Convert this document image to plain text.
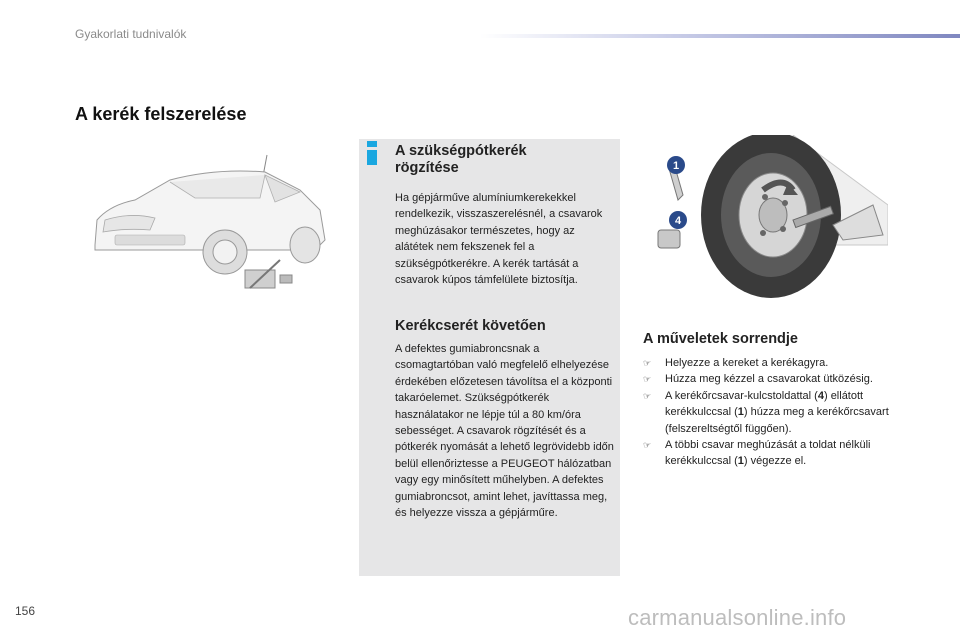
Gyakorlati tudnivalók
A kerék felszerelése

A szükségpótkerék

rögzítése

Ha gépjárműve alumíniumkerekekkel rendelkezik, visszaszerelésnél, a csavarok meghúzásakor természetes, hogy az alátétek nem fekszenek fel a szükségpótkerékre. A kerék tartását a csavarok kúpos támfelülete biztosítja.

Kerékcserét követően

A defektes gumiabroncsnak a csomagtartóban való megfelelő elhelyezése érdekében előzetesen távolítsa el a központi takaróelemet. Szükségpótkerék használatakor ne lépje túl a 80 km/óra sebességet. A csavarok rögzítését és a pótkerék nyomását a lehető legrövidebb időn belül ellenőriztesse a PEUGEOT hálózatban vagy egy minősített műhelyben. A defektes gumiabroncsot, amint lehet, javíttassa meg, és helyezze vissza a gépjárműre.

1
4
A műveletek sorrendje
☞ Helyezze a kereket a kerékagyra.
☞ Húzza meg kézzel a csavarokat ütközésig.
☞ A kerékőrcsavar-kulcstoldattal (4) ellátott kerékkulccsal (1) húzza meg a kerékőrcsavart (felszereltségtől függően).
☞ A többi csavar meghúzását a toldat nélküli kerékkulccsal (1) végezze el.
156	carmanualsonline.info
